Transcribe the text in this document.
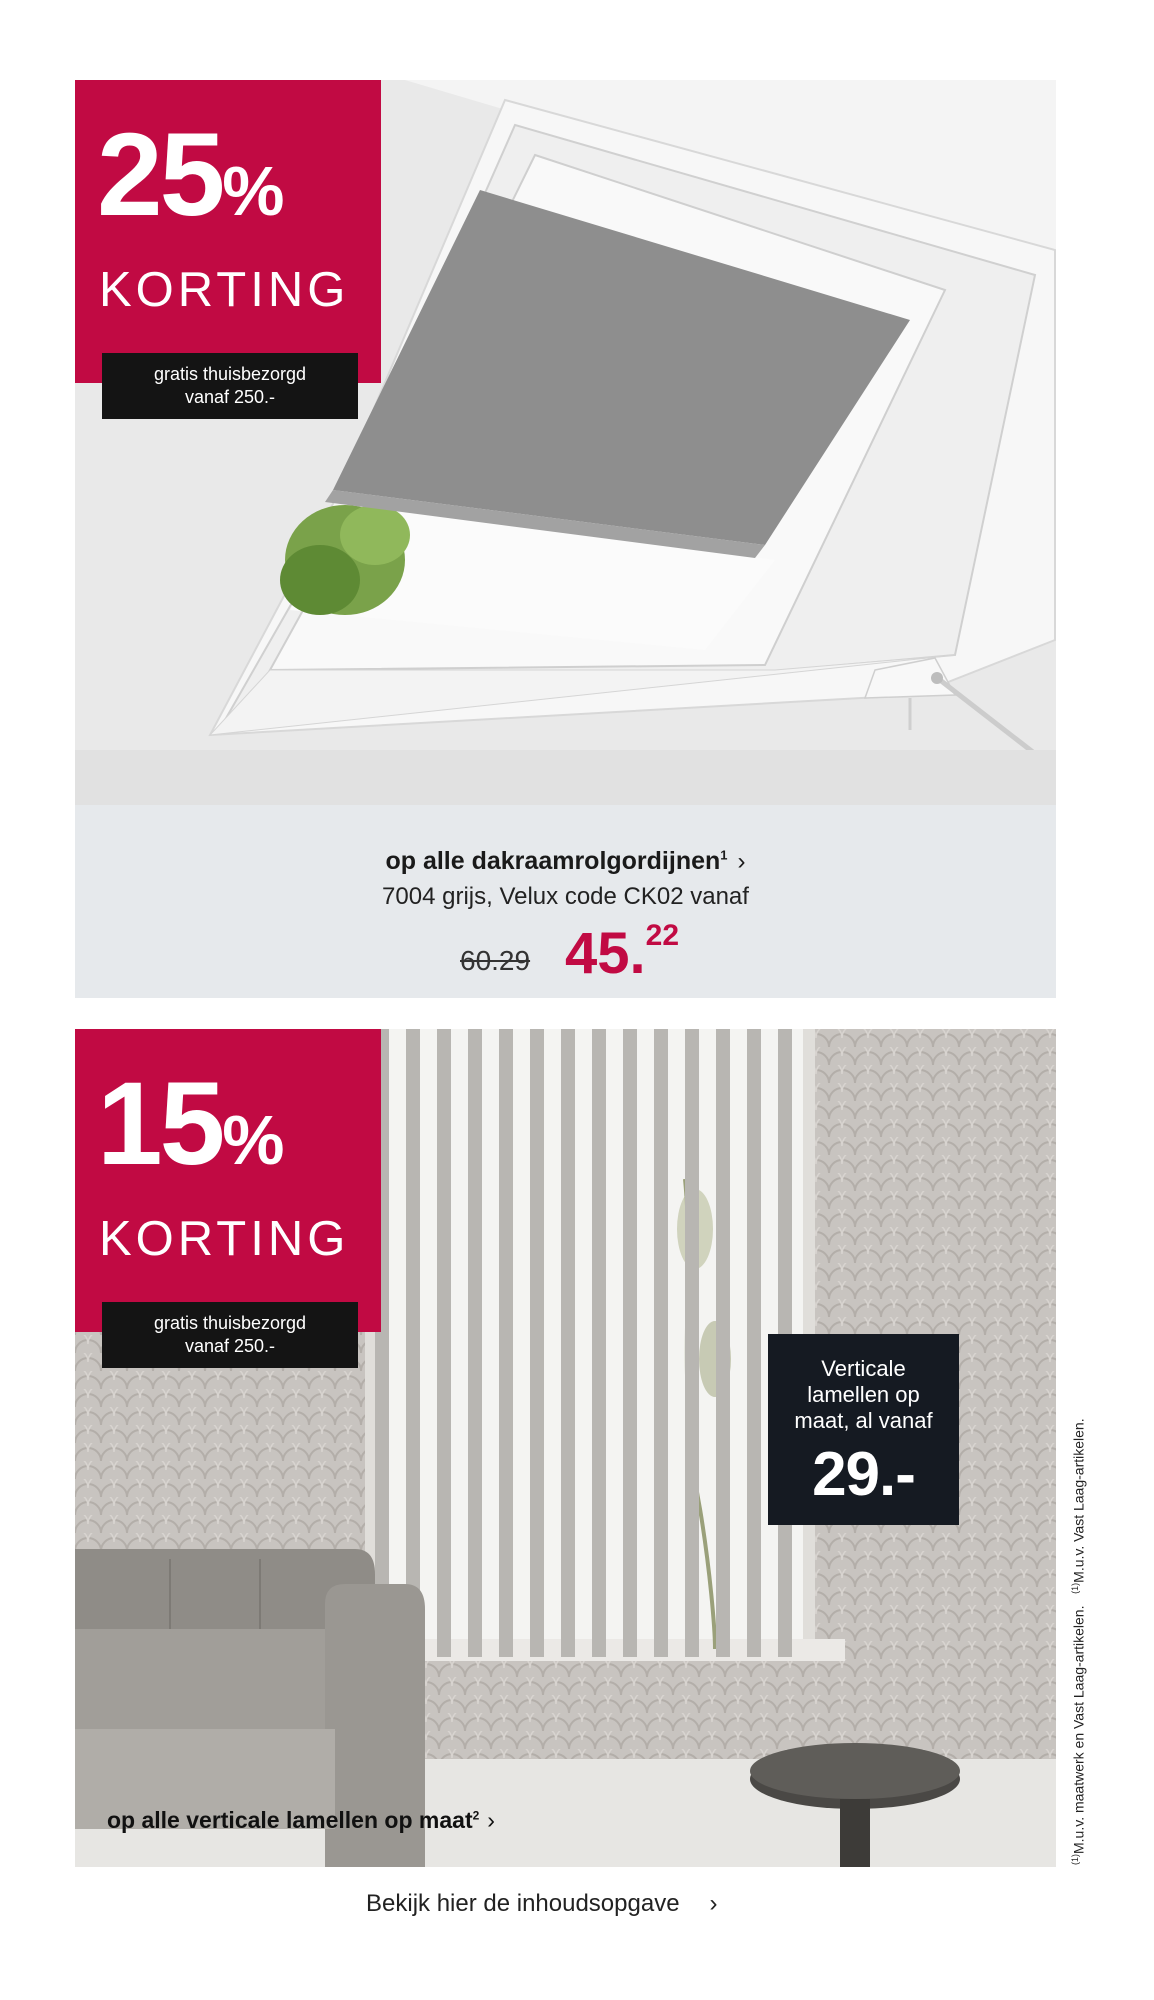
25%
KORTING
gratis thuisbezorgd
vanaf 250.-
op alle dakraamrolgordijnen$^1$ ›
7004 grijs, Velux code CK02 vanaf
60.29 45.22
15%
KORTING
gratis thuisbezorgd
vanaf 250.-
Verticale
lamellen op
maat, al vanaf
29.-
op alle verticale lamellen op maat$^2$ ›
$^{(1)}$M.u.v. maatwerk en Vast Laag-artikelen.   $^{(1)}$M.u.v. Vast Laag-artikelen.
Bekijk hier de inhoudsopgave ›
